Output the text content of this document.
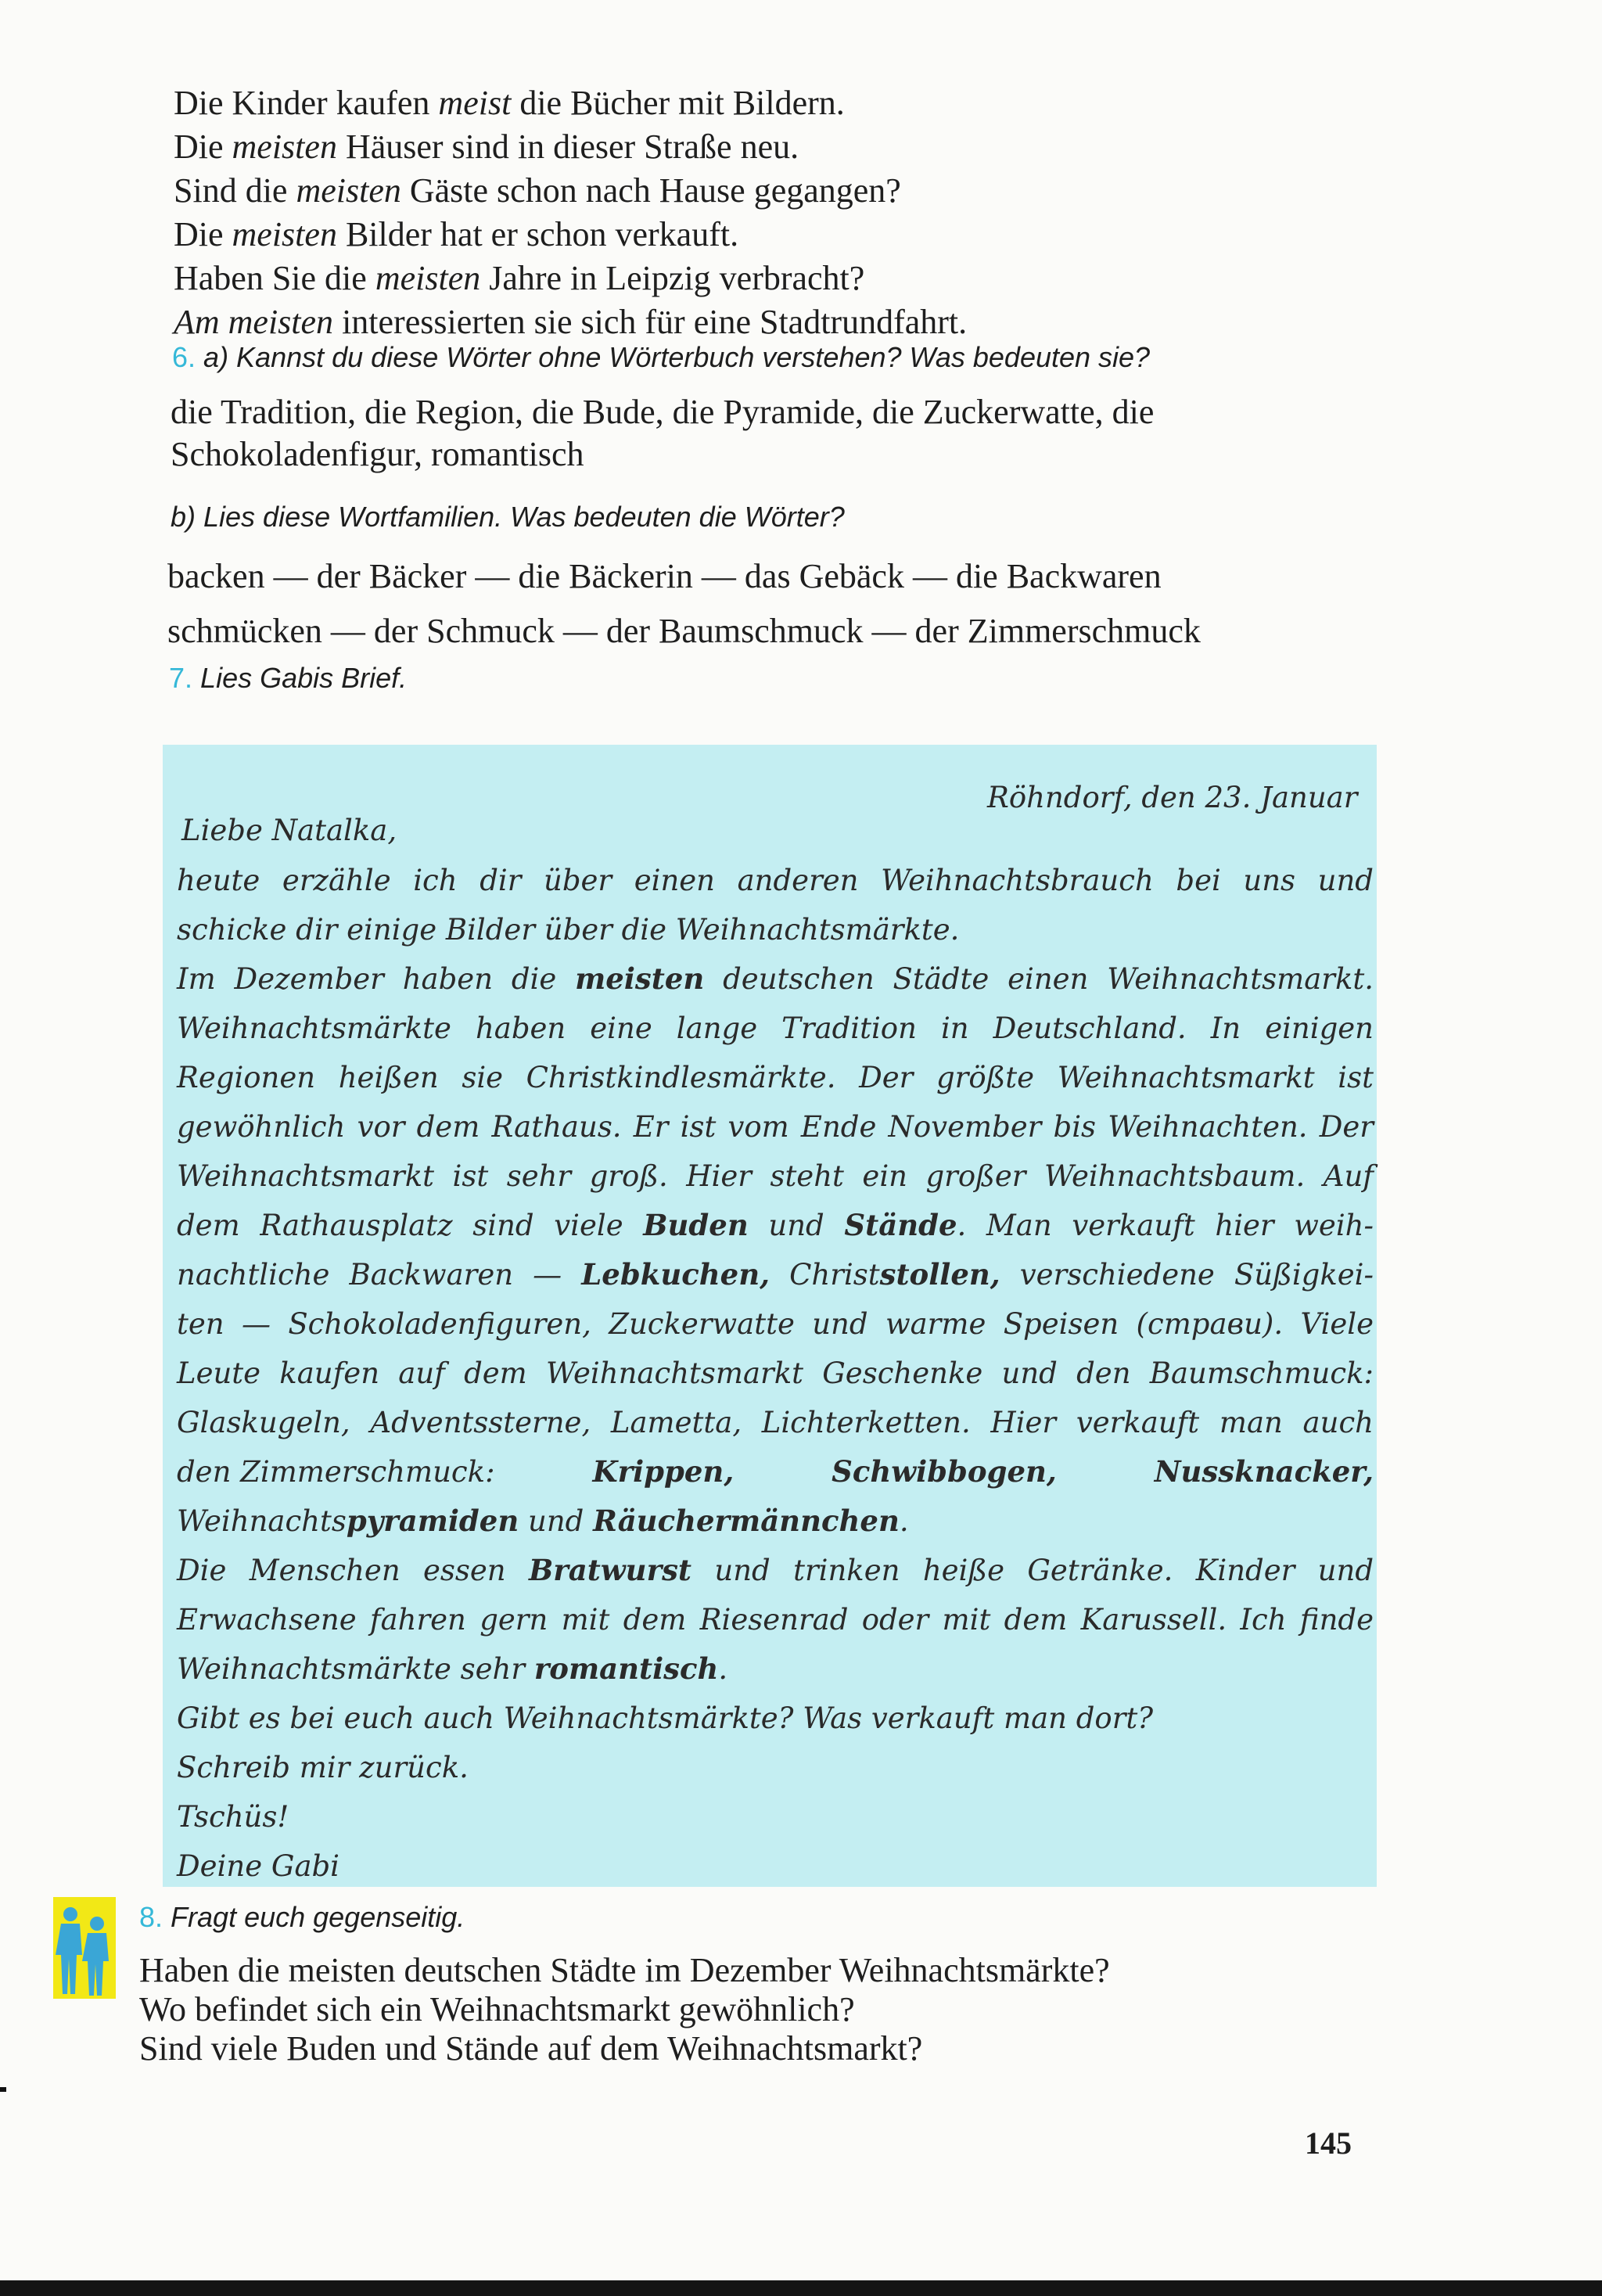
Die Kinder kaufen meist die Bücher mit Bildern.
Die meisten Häuser sind in dieser Straße neu.
Sind die meisten Gäste schon nach Hause gegangen?
Die meisten Bilder hat er schon verkauft.
Haben Sie die meisten Jahre in Leipzig verbracht?
Am meisten interessierten sie sich für eine Stadtrundfahrt.
6. a) Kannst du diese Wörter ohne Wörterbuch verstehen? Was bedeuten sie?
die Tradition, die Region, die Bude, die Pyramide, die Zuckerwatte, die
Schokoladenfigur, romantisch
b) Lies diese Wortfamilien. Was bedeuten die Wörter?
backen — der Bäcker — die Bäckerin — das Gebäck — die Backwaren
schmücken — der Schmuck — der Baumschmuck — der Zimmerschmuck
7. Lies Gabis Brief.
Röhndorf, den 23. Januar
Liebe Natalka,
heute erzähle ich dir über einen anderen Weihnachtsbrauch bei uns und
schicke dir einige Bilder über die Weihnachtsmärkte.
Im Dezember haben die meisten deutschen Städte einen Weihnachtsmarkt.
Weihnachtsmärkte haben eine lange Tradition in Deutschland. In einigen
Regionen heißen sie Christkindlesmärkte. Der größte Weihnachtsmarkt ist
gewöhnlich vor dem Rathaus. Er ist vom Ende November bis Weihnachten. Der
Weihnachtsmarkt ist sehr groß. Hier steht ein großer Weihnachtsbaum. Auf
dem Rathausplatz sind viele Buden und Stände. Man verkauft hier weih-
nachtliche Backwaren — Lebkuchen, Christstollen, verschiedene Süßigkei-
ten — Schokoladenfiguren, Zuckerwatte und warme Speisen (страви). Viele
Leute kaufen auf dem Weihnachtsmarkt Geschenke und den Baumschmuck:
Glaskugeln, Adventssterne, Lametta, Lichterketten. Hier verkauft man auch
den Zimmerschmuck:	Krippen,	Schwibbogen,	Nussknacker,
Weihnachtspyramiden und Räuchermännchen.
Die Menschen essen Bratwurst und trinken heiße Getränke. Kinder und
Erwachsene fahren gern mit dem Riesenrad oder mit dem Karussell. Ich finde
Weihnachtsmärkte sehr romantisch.
Gibt es bei euch auch Weihnachtsmärkte? Was verkauft man dort?
Schreib mir zurück.
Tschüs!
Deine Gabi
8. Fragt euch gegenseitig.
Haben die meisten deutschen Städte im Dezember Weihnachtsmärkte?
Wo befindet sich ein Weihnachtsmarkt gewöhnlich?
Sind viele Buden und Stände auf dem Weihnachtsmarkt?
145
